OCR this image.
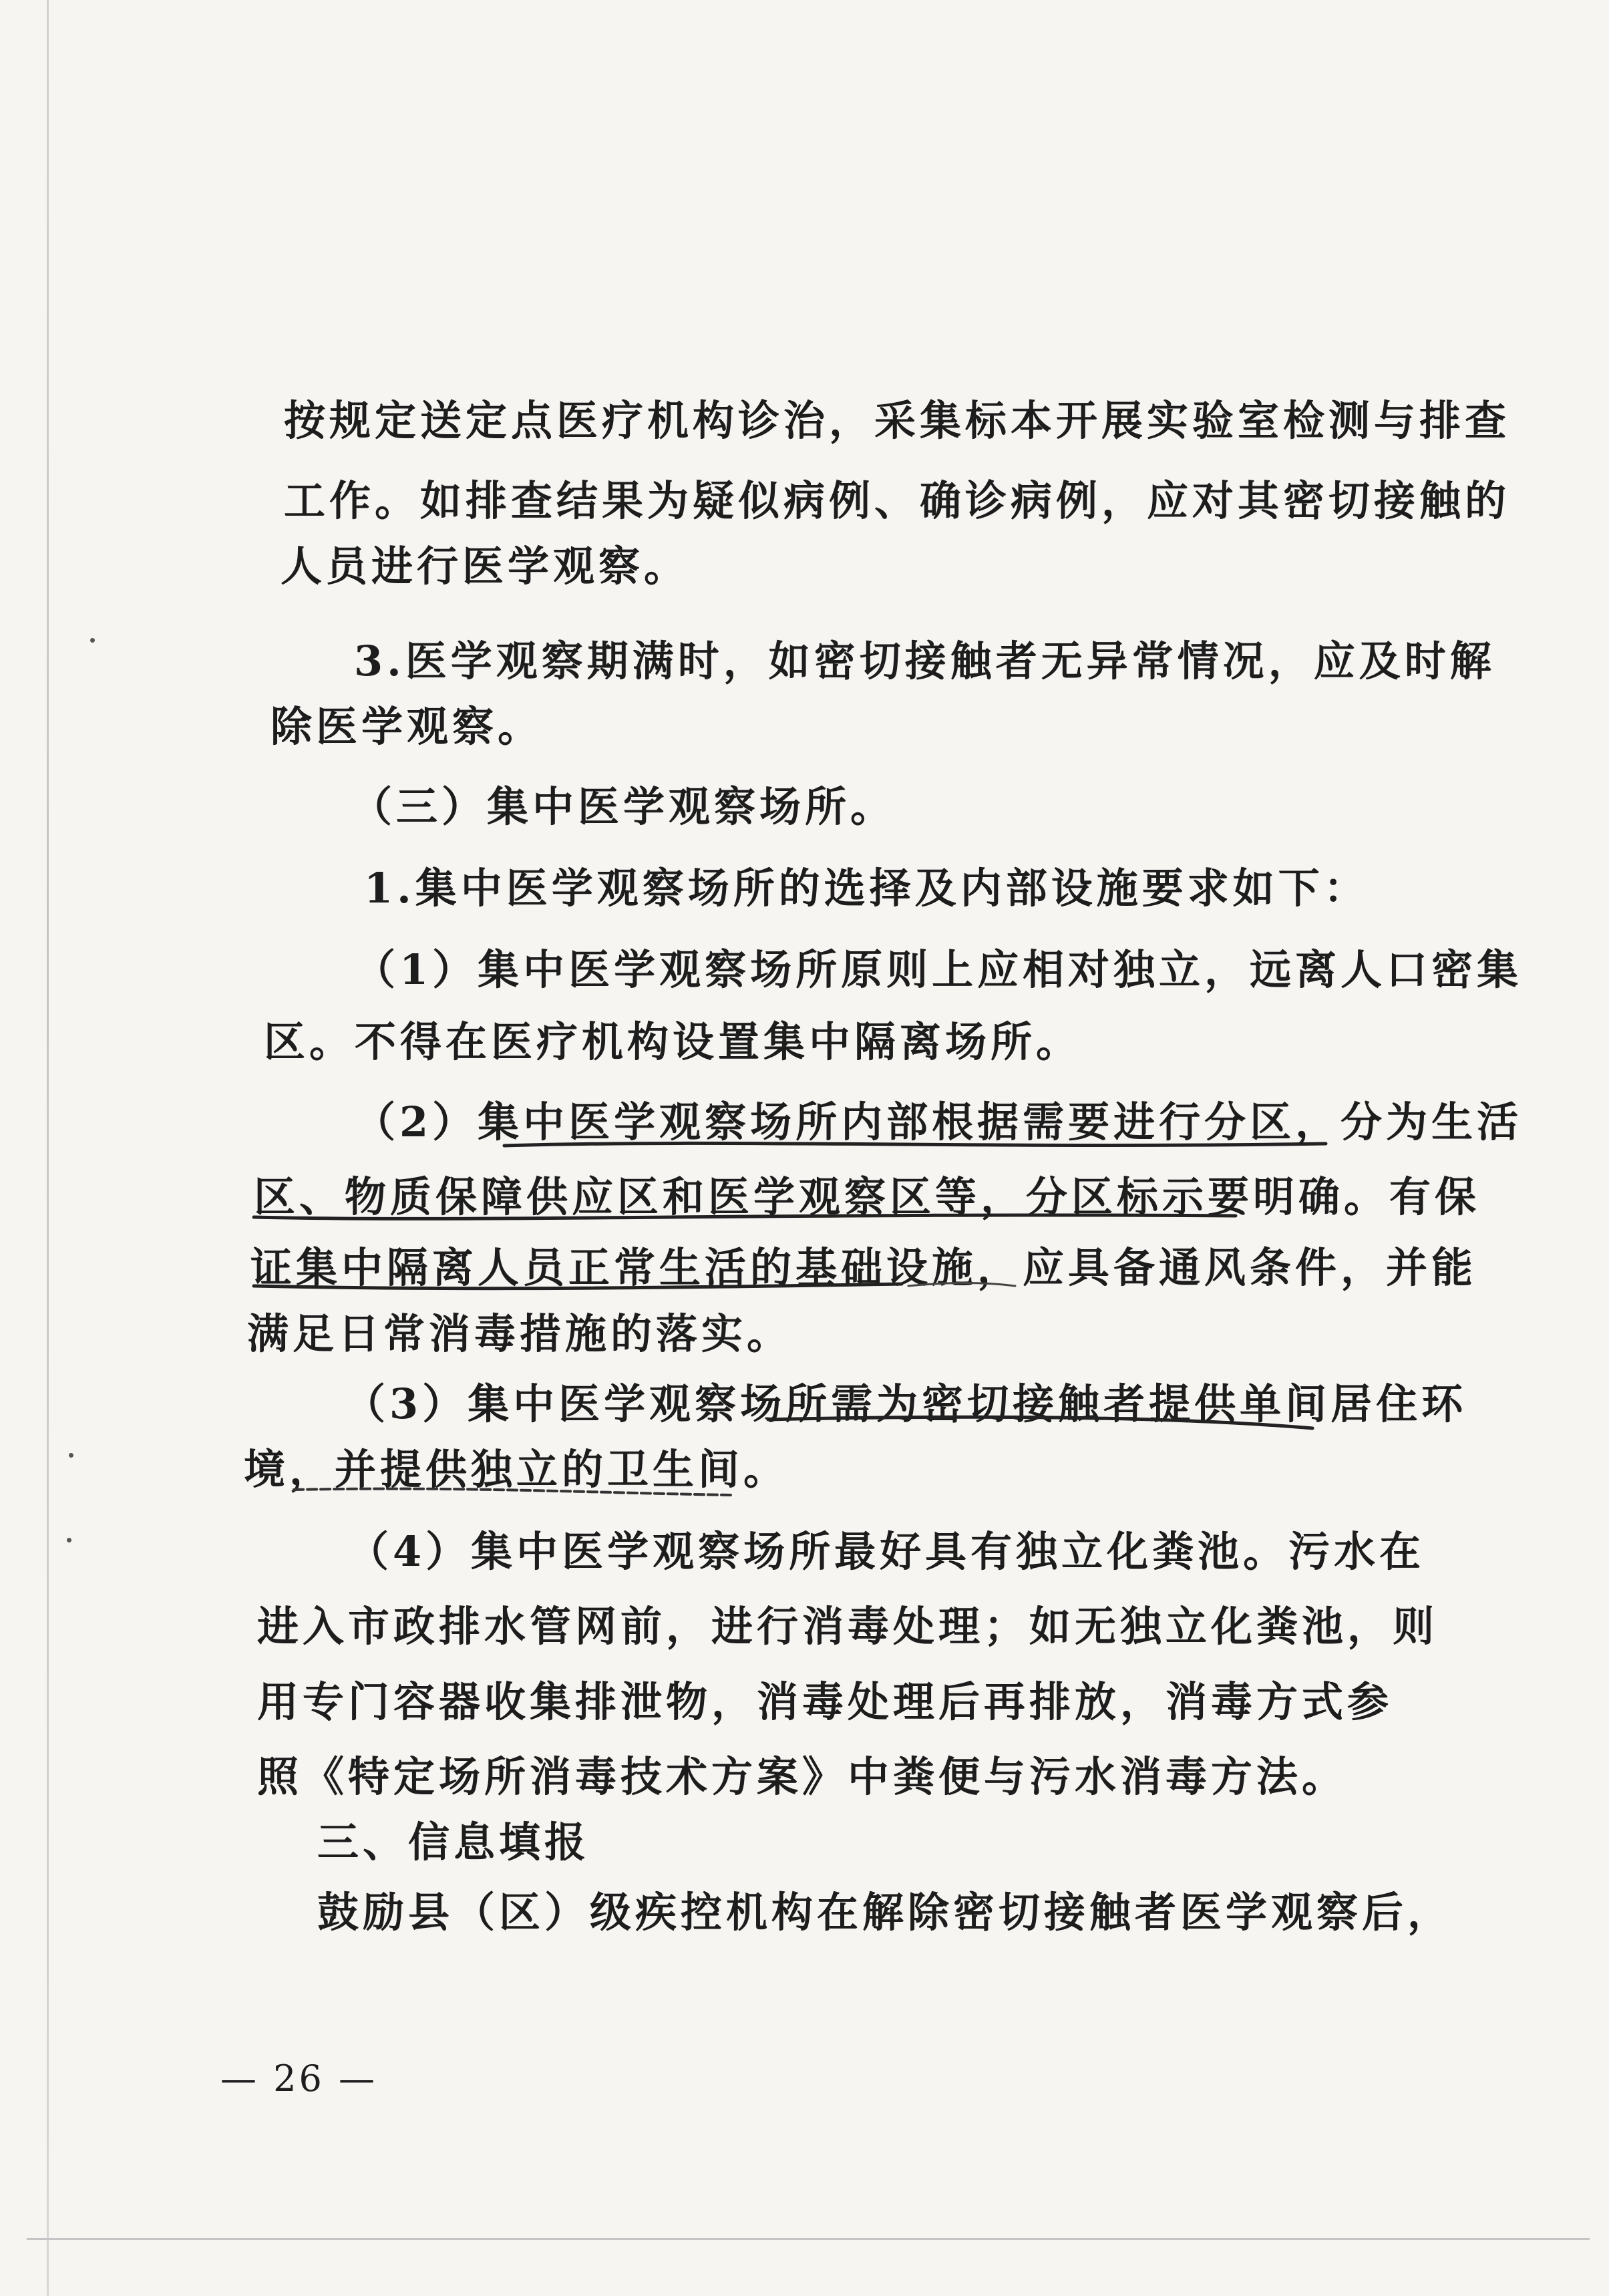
按规定送定点医疗机构诊治，采集标本开展实验室检测与排查
工作。如排查结果为疑似病例、确诊病例，应对其密切接触的
人员进行医学观察。
3.医学观察期满时，如密切接触者无异常情况，应及时解
除医学观察。
（三）集中医学观察场所。
1.集中医学观察场所的选择及内部设施要求如下：
（1）集中医学观察场所原则上应相对独立，远离人口密集
区。不得在医疗机构设置集中隔离场所。
（2）集中医学观察场所内部根据需要进行分区，分为生活
区、物质保障供应区和医学观察区等，分区标示要明确。有保
证集中隔离人员正常生活的基础设施，应具备通风条件，并能
满足日常消毒措施的落实。
（3）集中医学观察场所需为密切接触者提供单间居住环
境，并提供独立的卫生间。
（4）集中医学观察场所最好具有独立化粪池。污水在
进入市政排水管网前，进行消毒处理；如无独立化粪池，则
用专门容器收集排泄物，消毒处理后再排放，消毒方式参
照《特定场所消毒技术方案》中粪便与污水消毒方法。
三、信息填报
鼓励县（区）级疾控机构在解除密切接触者医学观察后，
— 26 —
